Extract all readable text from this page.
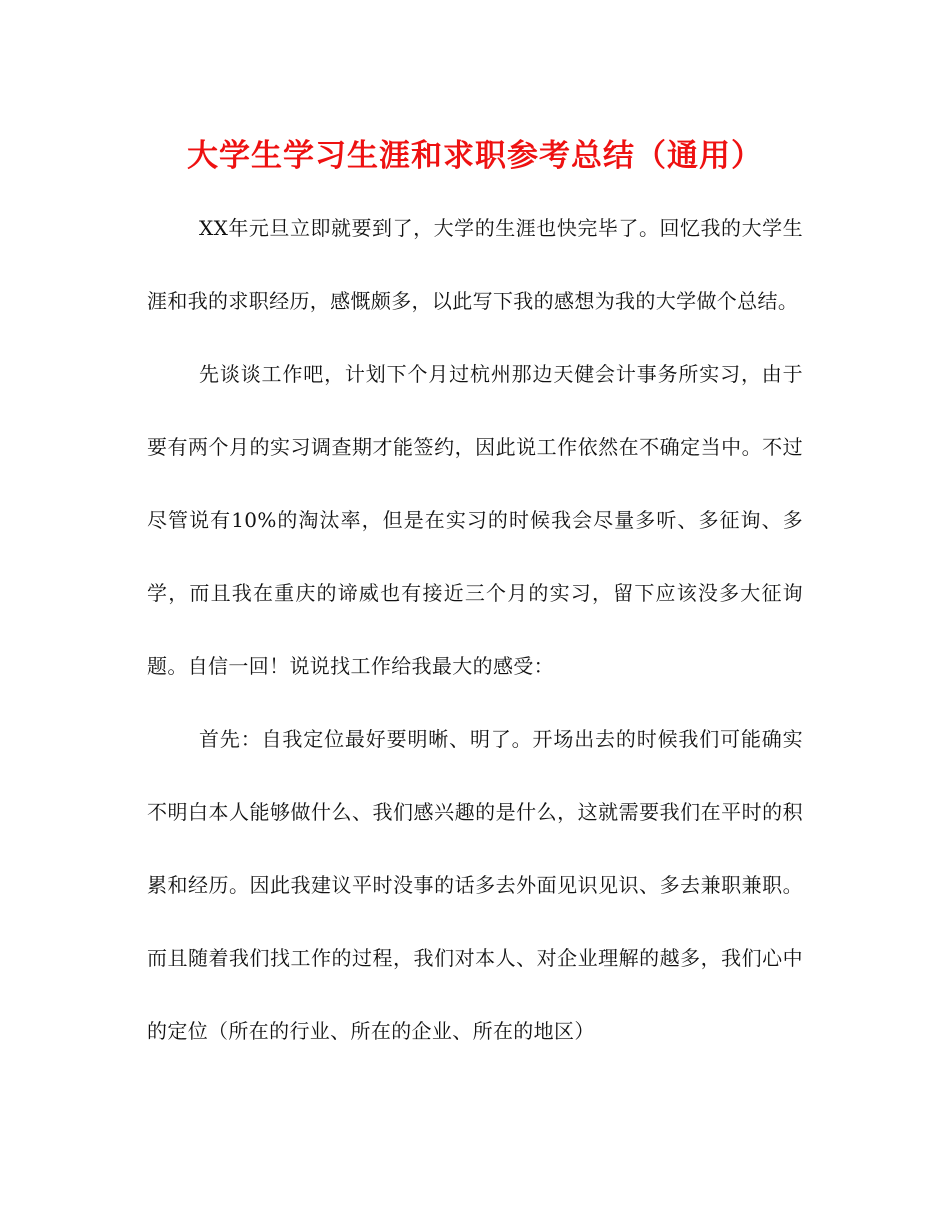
大学生学习生涯和求职参考总结（通用）

XX年元旦立即就要到了，大学的生涯也快完毕了。回忆我的大学生涯和我的求职经历，感慨颇多，以此写下我的感想为我的大学做个总结。

先谈谈工作吧，计划下个月过杭州那边天健会计事务所实习，由于要有两个月的实习调查期才能签约，因此说工作依然在不确定当中。不过尽管说有10%的淘汰率，但是在实习的时候我会尽量多听、多征询、多学，而且我在重庆的谛威也有接近三个月的实习，留下应该没多大征询题。自信一回！说说找工作给我最大的感受：

首先：自我定位最好要明晰、明了。开场出去的时候我们可能确实不明白本人能够做什么、我们感兴趣的是什么，这就需要我们在平时的积累和经历。因此我建议平时没事的话多去外面见识见识、多去兼职兼职。而且随着我们找工作的过程，我们对本人、对企业理解的越多，我们心中的定位（所在的行业、所在的企业、所在的地区）
